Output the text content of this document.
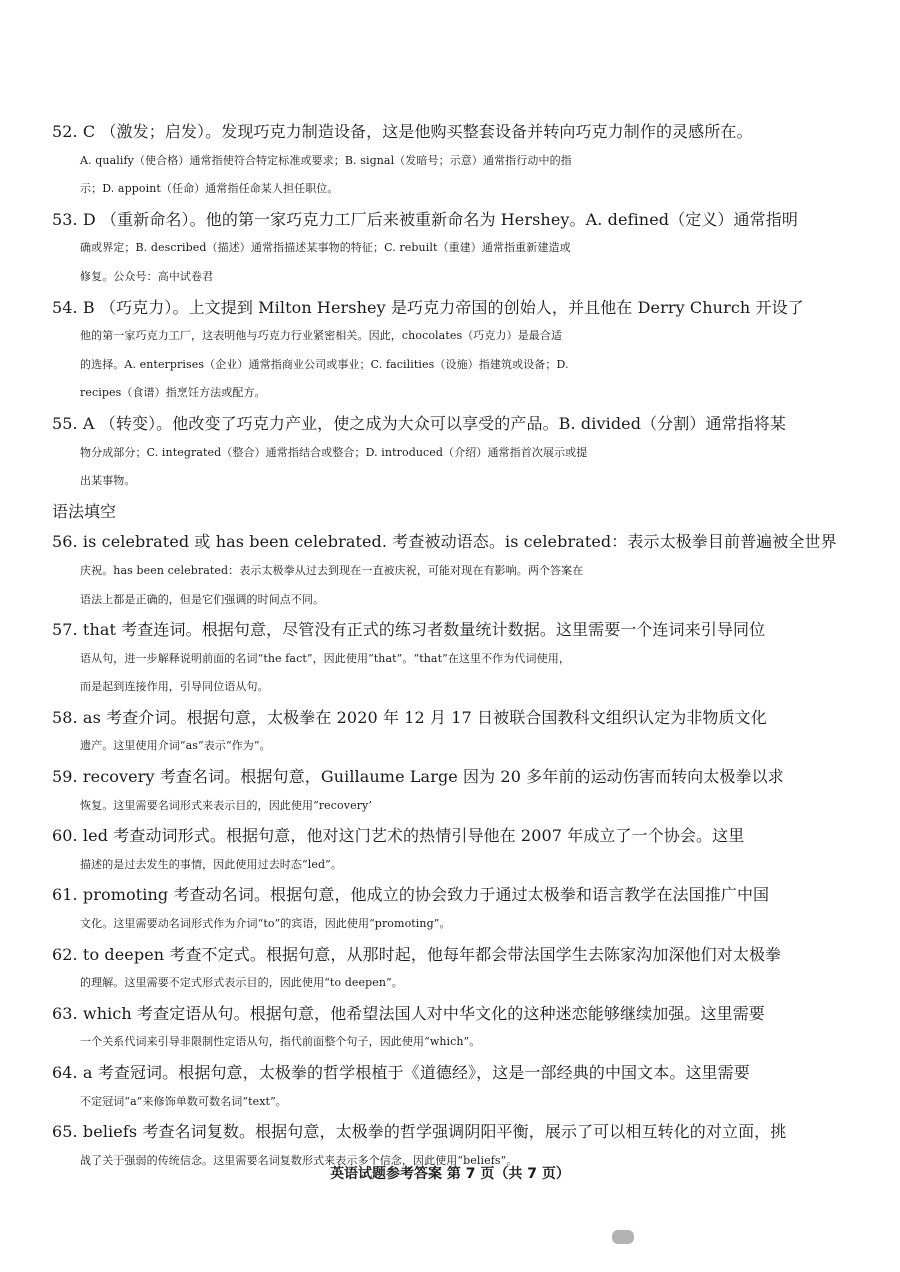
52. C （激发；启发）。发现巧克力制造设备，这是他购买整套设备并转向巧克力制作的灵感所在。
A. qualify（使合格）通常指使符合特定标准或要求；B. signal（发暗号；示意）通常指行动中的指
示；D. appoint（任命）通常指任命某人担任职位。
53. D （重新命名）。他的第一家巧克力工厂后来被重新命名为 Hershey。A. defined（定义）通常指明
确或界定；B. described（描述）通常指描述某事物的特征；C. rebuilt（重建）通常指重新建造或
修复。公众号：高中试卷君
54. B （巧克力）。上文提到 Milton Hershey 是巧克力帝国的创始人，并且他在 Derry Church 开设了
他的第一家巧克力工厂，这表明他与巧克力行业紧密相关。因此，chocolates（巧克力）是最合适
的选择。A. enterprises（企业）通常指商业公司或事业；C. facilities（设施）指建筑或设备；D.
recipes（食谱）指烹饪方法或配方。
55. A （转变）。他改变了巧克力产业，使之成为大众可以享受的产品。B. divided（分割）通常指将某
物分成部分；C. integrated（整合）通常指结合或整合；D. introduced（介绍）通常指首次展示或提
出某事物。
语法填空
56. is celebrated 或 has been celebrated. 考查被动语态。is celebrated：表示太极拳目前普遍被全世界
庆祝。has been celebrated：表示太极拳从过去到现在一直被庆祝，可能对现在有影响。两个答案在
语法上都是正确的，但是它们强调的时间点不同。
57. that 考查连词。根据句意，尽管没有正式的练习者数量统计数据。这里需要一个连词来引导同位
语从句，进一步解释说明前面的名词“the fact”，因此使用“that”。“that”在这里不作为代词使用，
而是起到连接作用，引导同位语从句。
58. as 考查介词。根据句意，太极拳在 2020 年 12 月 17 日被联合国教科文组织认定为非物质文化
遗产。这里使用介词“as”表示“作为”。
59. recovery 考查名词。根据句意，Guillaume Large 因为 20 多年前的运动伤害而转向太极拳以求
恢复。这里需要名词形式来表示目的，因此使用“recovery’
60. led 考查动词形式。根据句意，他对这门艺术的热情引导他在 2007 年成立了一个协会。这里
描述的是过去发生的事情，因此使用过去时态“led”。
61. promoting 考查动名词。根据句意，他成立的协会致力于通过太极拳和语言教学在法国推广中国
文化。这里需要动名词形式作为介词“to”的宾语，因此使用“promoting”。
62. to deepen 考查不定式。根据句意，从那时起，他每年都会带法国学生去陈家沟加深他们对太极拳
的理解。这里需要不定式形式表示目的，因此使用“to deepen”。
63. which 考查定语从句。根据句意，他希望法国人对中华文化的这种迷恋能够继续加强。这里需要
一个关系代词来引导非限制性定语从句，指代前面整个句子，因此使用“which”。
64. a 考查冠词。根据句意，太极拳的哲学根植于《道德经》，这是一部经典的中国文本。这里需要
不定冠词“a”来修饰单数可数名词“text”。
65. beliefs 考查名词复数。根据句意，太极拳的哲学强调阴阳平衡，展示了可以相互转化的对立面，挑
战了关于强弱的传统信念。这里需要名词复数形式来表示多个信念，因此使用“beliefs”。
英语试题参考答案 第 7 页（共 7 页）
